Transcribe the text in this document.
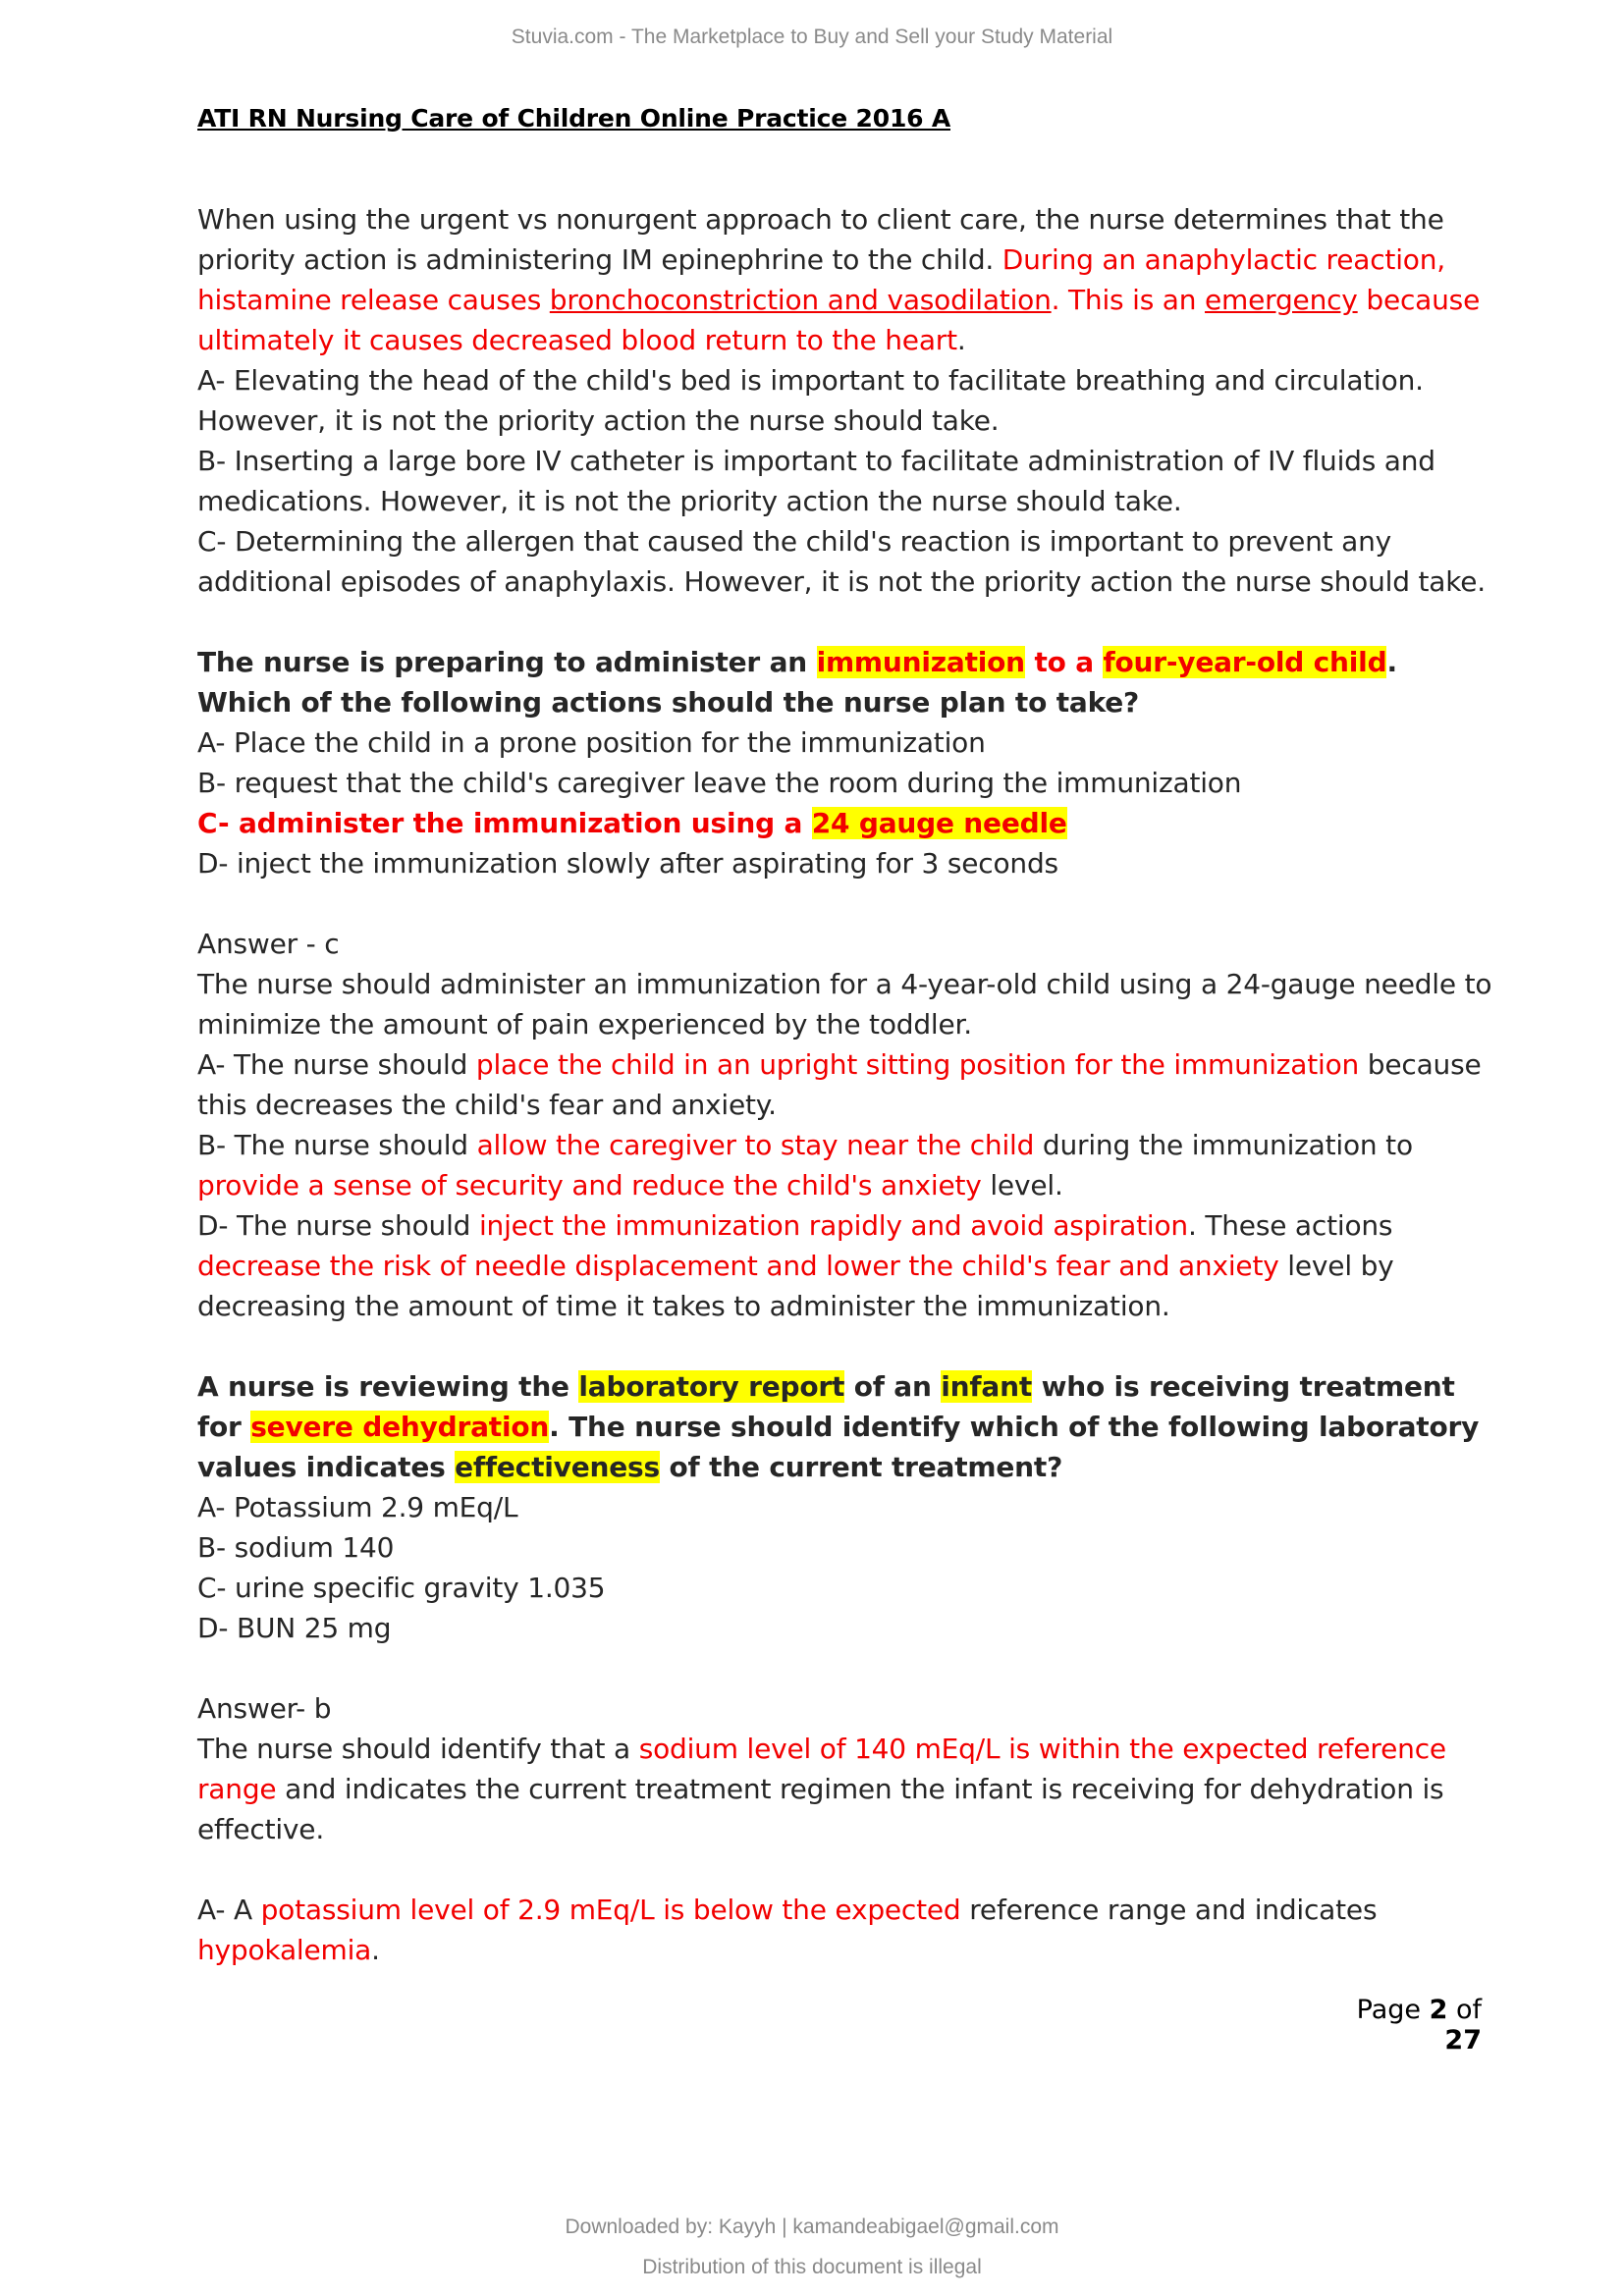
Stuvia.com - The Marketplace to Buy and Sell your Study Material

ATI RN Nursing Care of Children Online Practice 2016 A

When using the urgent vs nonurgent approach to client care, the nurse determines that the priority action is administering IM epinephrine to the child. During an anaphylactic reaction, histamine release causes bronchoconstriction and vasodilation. This is an emergency because ultimately it causes decreased blood return to the heart.

A- Elevating the head of the child's bed is important to facilitate breathing and circulation. However, it is not the priority action the nurse should take.

B- Inserting a large bore IV catheter is important to facilitate administration of IV fluids and medications. However, it is not the priority action the nurse should take.

C- Determining the allergen that caused the child's reaction is important to prevent any additional episodes of anaphylaxis. However, it is not the priority action the nurse should take.

The nurse is preparing to administer an immunization to a four-year-old child. Which of the following actions should the nurse plan to take?

A- Place the child in a prone position for the immunization

B- request that the child's caregiver leave the room during the immunization

C- administer the immunization using a 24 gauge needle

D- inject the immunization slowly after aspirating for 3 seconds

Answer - c

The nurse should administer an immunization for a 4-year-old child using a 24-gauge needle to minimize the amount of pain experienced by the toddler.

A- The nurse should place the child in an upright sitting position for the immunization because this decreases the child's fear and anxiety.

B- The nurse should allow the caregiver to stay near the child during the immunization to provide a sense of security and reduce the child's anxiety level.

D- The nurse should inject the immunization rapidly and avoid aspiration. These actions decrease the risk of needle displacement and lower the child's fear and anxiety level by decreasing the amount of time it takes to administer the immunization.

A nurse is reviewing the laboratory report of an infant who is receiving treatment for severe dehydration. The nurse should identify which of the following laboratory values indicates effectiveness of the current treatment?

A- Potassium 2.9 mEq/L

B- sodium 140

C- urine specific gravity 1.035

D- BUN 25 mg

Answer- b

The nurse should identify that a sodium level of 140 mEq/L is within the expected reference range and indicates the current treatment regimen the infant is receiving for dehydration is effective.

A- A potassium level of 2.9 mEq/L is below the expected reference range and indicates hypokalemia.

Page 2 of 27
Downloaded by: Kayyh | kamandeabigael@gmail.com
Distribution of this document is illegal
